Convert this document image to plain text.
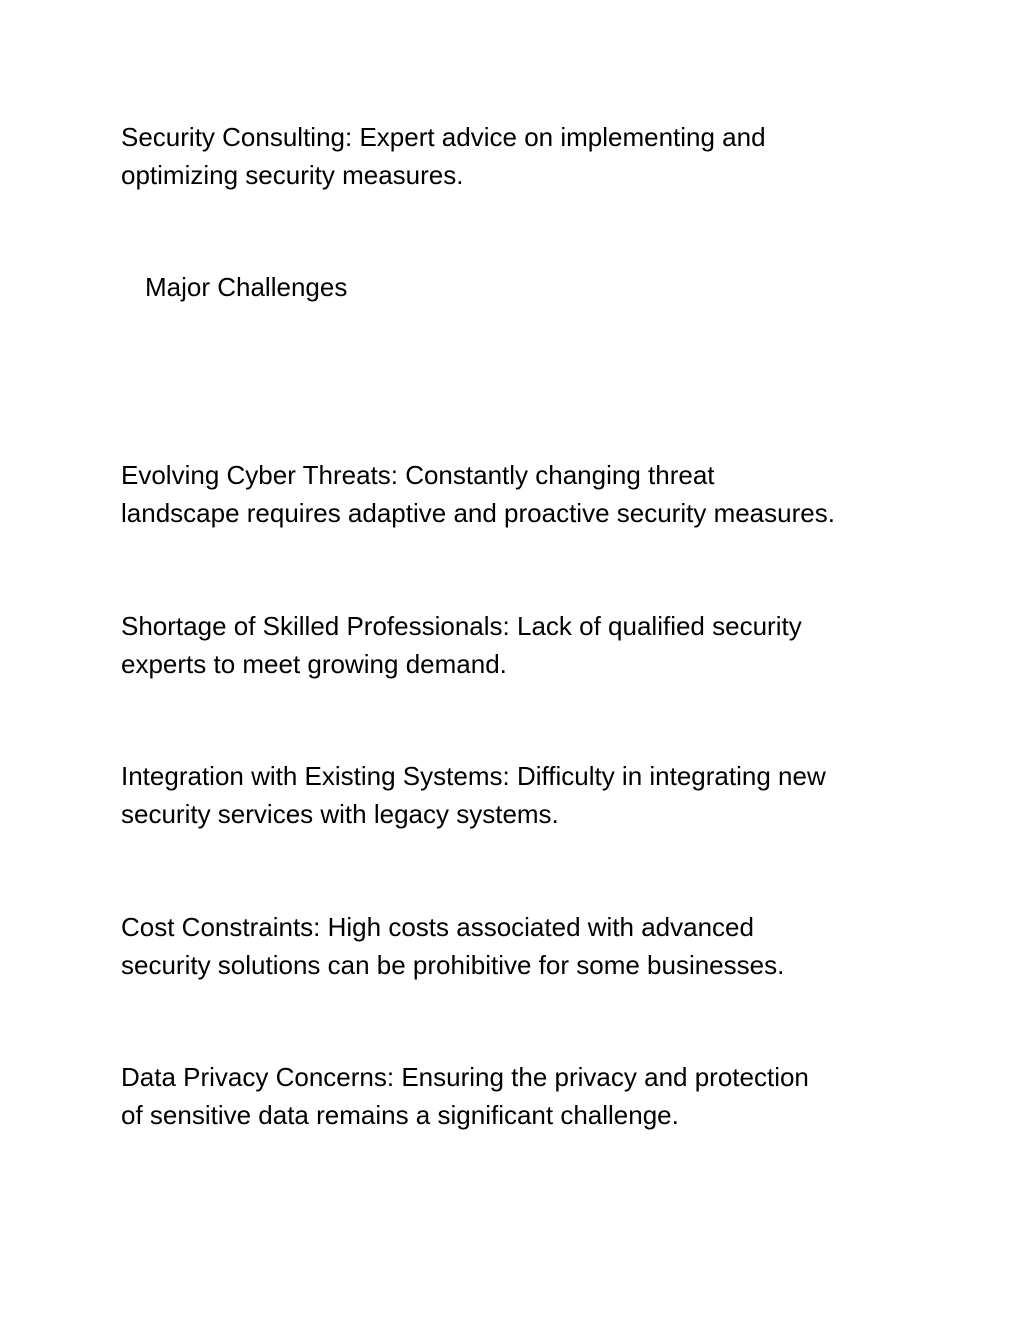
Security Consulting: Expert advice on implementing and
optimizing security measures.

Major Challenges

Evolving Cyber Threats: Constantly changing threat
landscape requires adaptive and proactive security measures.

Shortage of Skilled Professionals: Lack of qualified security
experts to meet growing demand.

Integration with Existing Systems: Difficulty in integrating new
security services with legacy systems.

Cost Constraints: High costs associated with advanced
security solutions can be prohibitive for some businesses.

Data Privacy Concerns: Ensuring the privacy and protection
of sensitive data remains a significant challenge.
